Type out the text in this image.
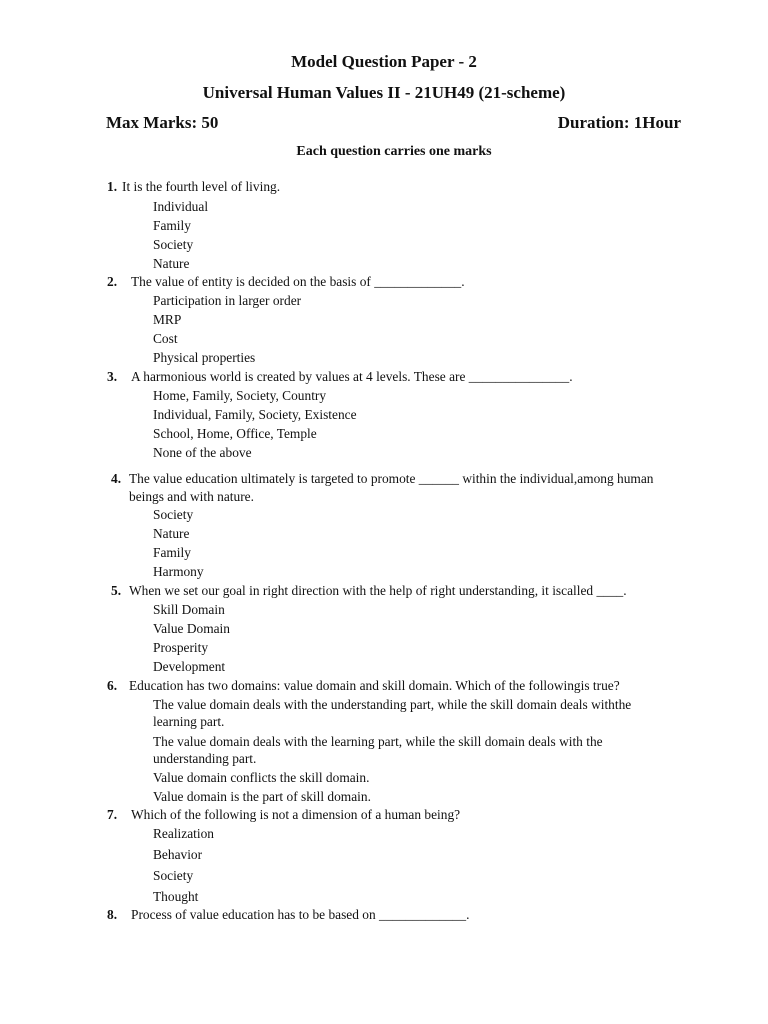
Model Question Paper - 2
Universal Human Values II - 21UH49 (21-scheme)
Max Marks: 50	Duration: 1Hour
Each question carries one marks
1. It is the fourth level of living.
Individual
Family
Society
Nature
2. The value of entity is decided on the basis of _____________.
Participation in larger order
MRP
Cost
Physical properties
3. A harmonious world is created by values at 4 levels. These are _______________.
Home, Family, Society, Country
Individual, Family, Society, Existence
School, Home, Office, Temple
None of the above
4. The value education ultimately is targeted to promote ______ within the individual,among human
beings and with nature.
Society
Nature
Family
Harmony
5. When we set our goal in right direction with the help of right understanding, it iscalled ____.
Skill Domain
Value Domain
Prosperity
Development
6. Education has two domains: value domain and skill domain. Which of the followingis true?
The value domain deals with the understanding part, while the skill domain deals withthe
learning part.
The value domain deals with the learning part, while the skill domain deals with the
understanding part.
Value domain conflicts the skill domain.
Value domain is the part of skill domain.
7. Which of the following is not a dimension of a human being?
Realization
Behavior
Society
Thought
8. Process of value education has to be based on _____________.
